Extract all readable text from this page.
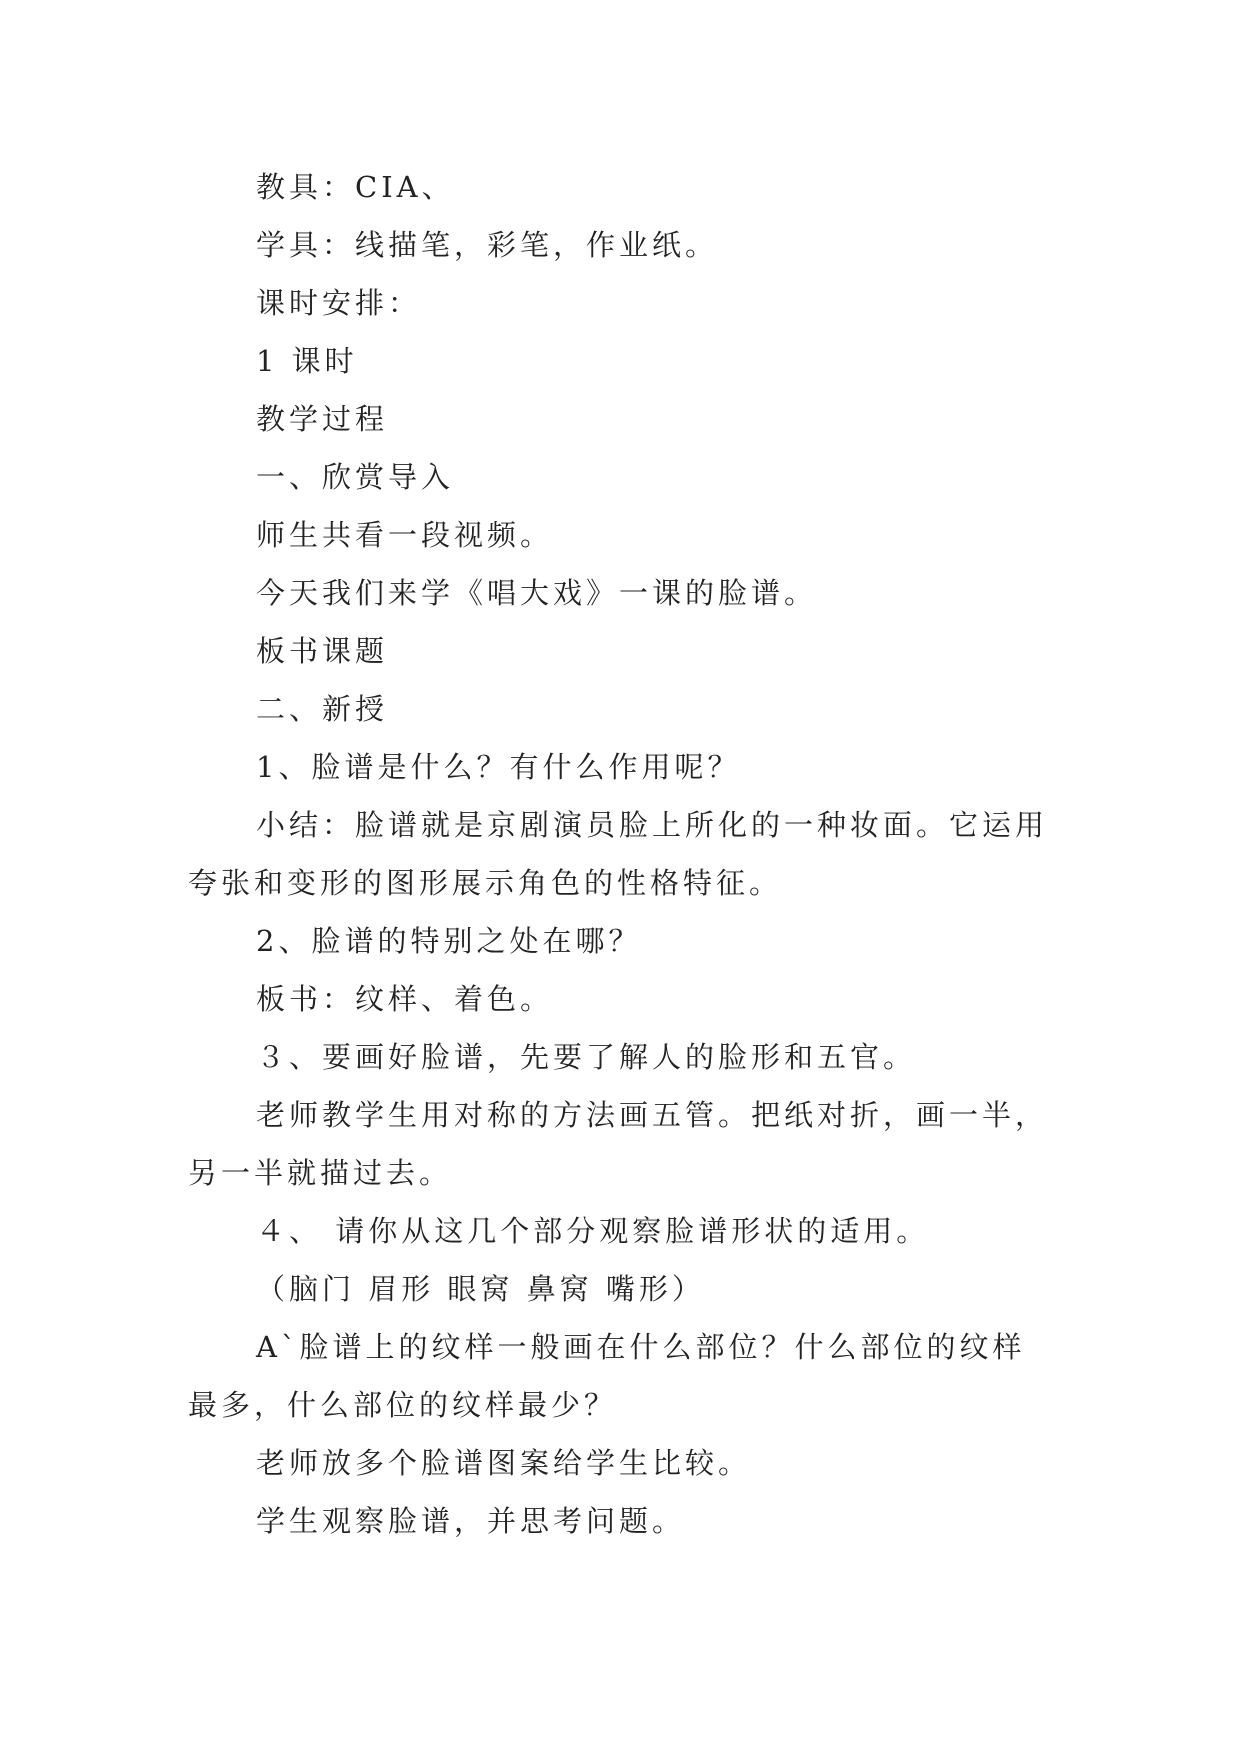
教具：CIA、
学具：线描笔，彩笔，作业纸。
课时安排：
1 课时
教学过程
一、欣赏导入
师生共看一段视频。
今天我们来学《唱大戏》一课的脸谱。
板书课题
二、新授
1、脸谱是什么？有什么作用呢？
小结：脸谱就是京剧演员脸上所化的一种妆面。它运用
夸张和变形的图形展示角色的性格特征。
2、脸谱的特别之处在哪？
板书：纹样、着色。
３、要画好脸谱，先要了解人的脸形和五官。
老师教学生用对称的方法画五管。把纸对折，画一半，
另一半就描过去。
４、 请你从这几个部分观察脸谱形状的适用。
（脑门 眉形 眼窝 鼻窝 嘴形）
A`脸谱上的纹样一般画在什么部位？什么部位的纹样
最多，什么部位的纹样最少？
老师放多个脸谱图案给学生比较。
学生观察脸谱，并思考问题。
